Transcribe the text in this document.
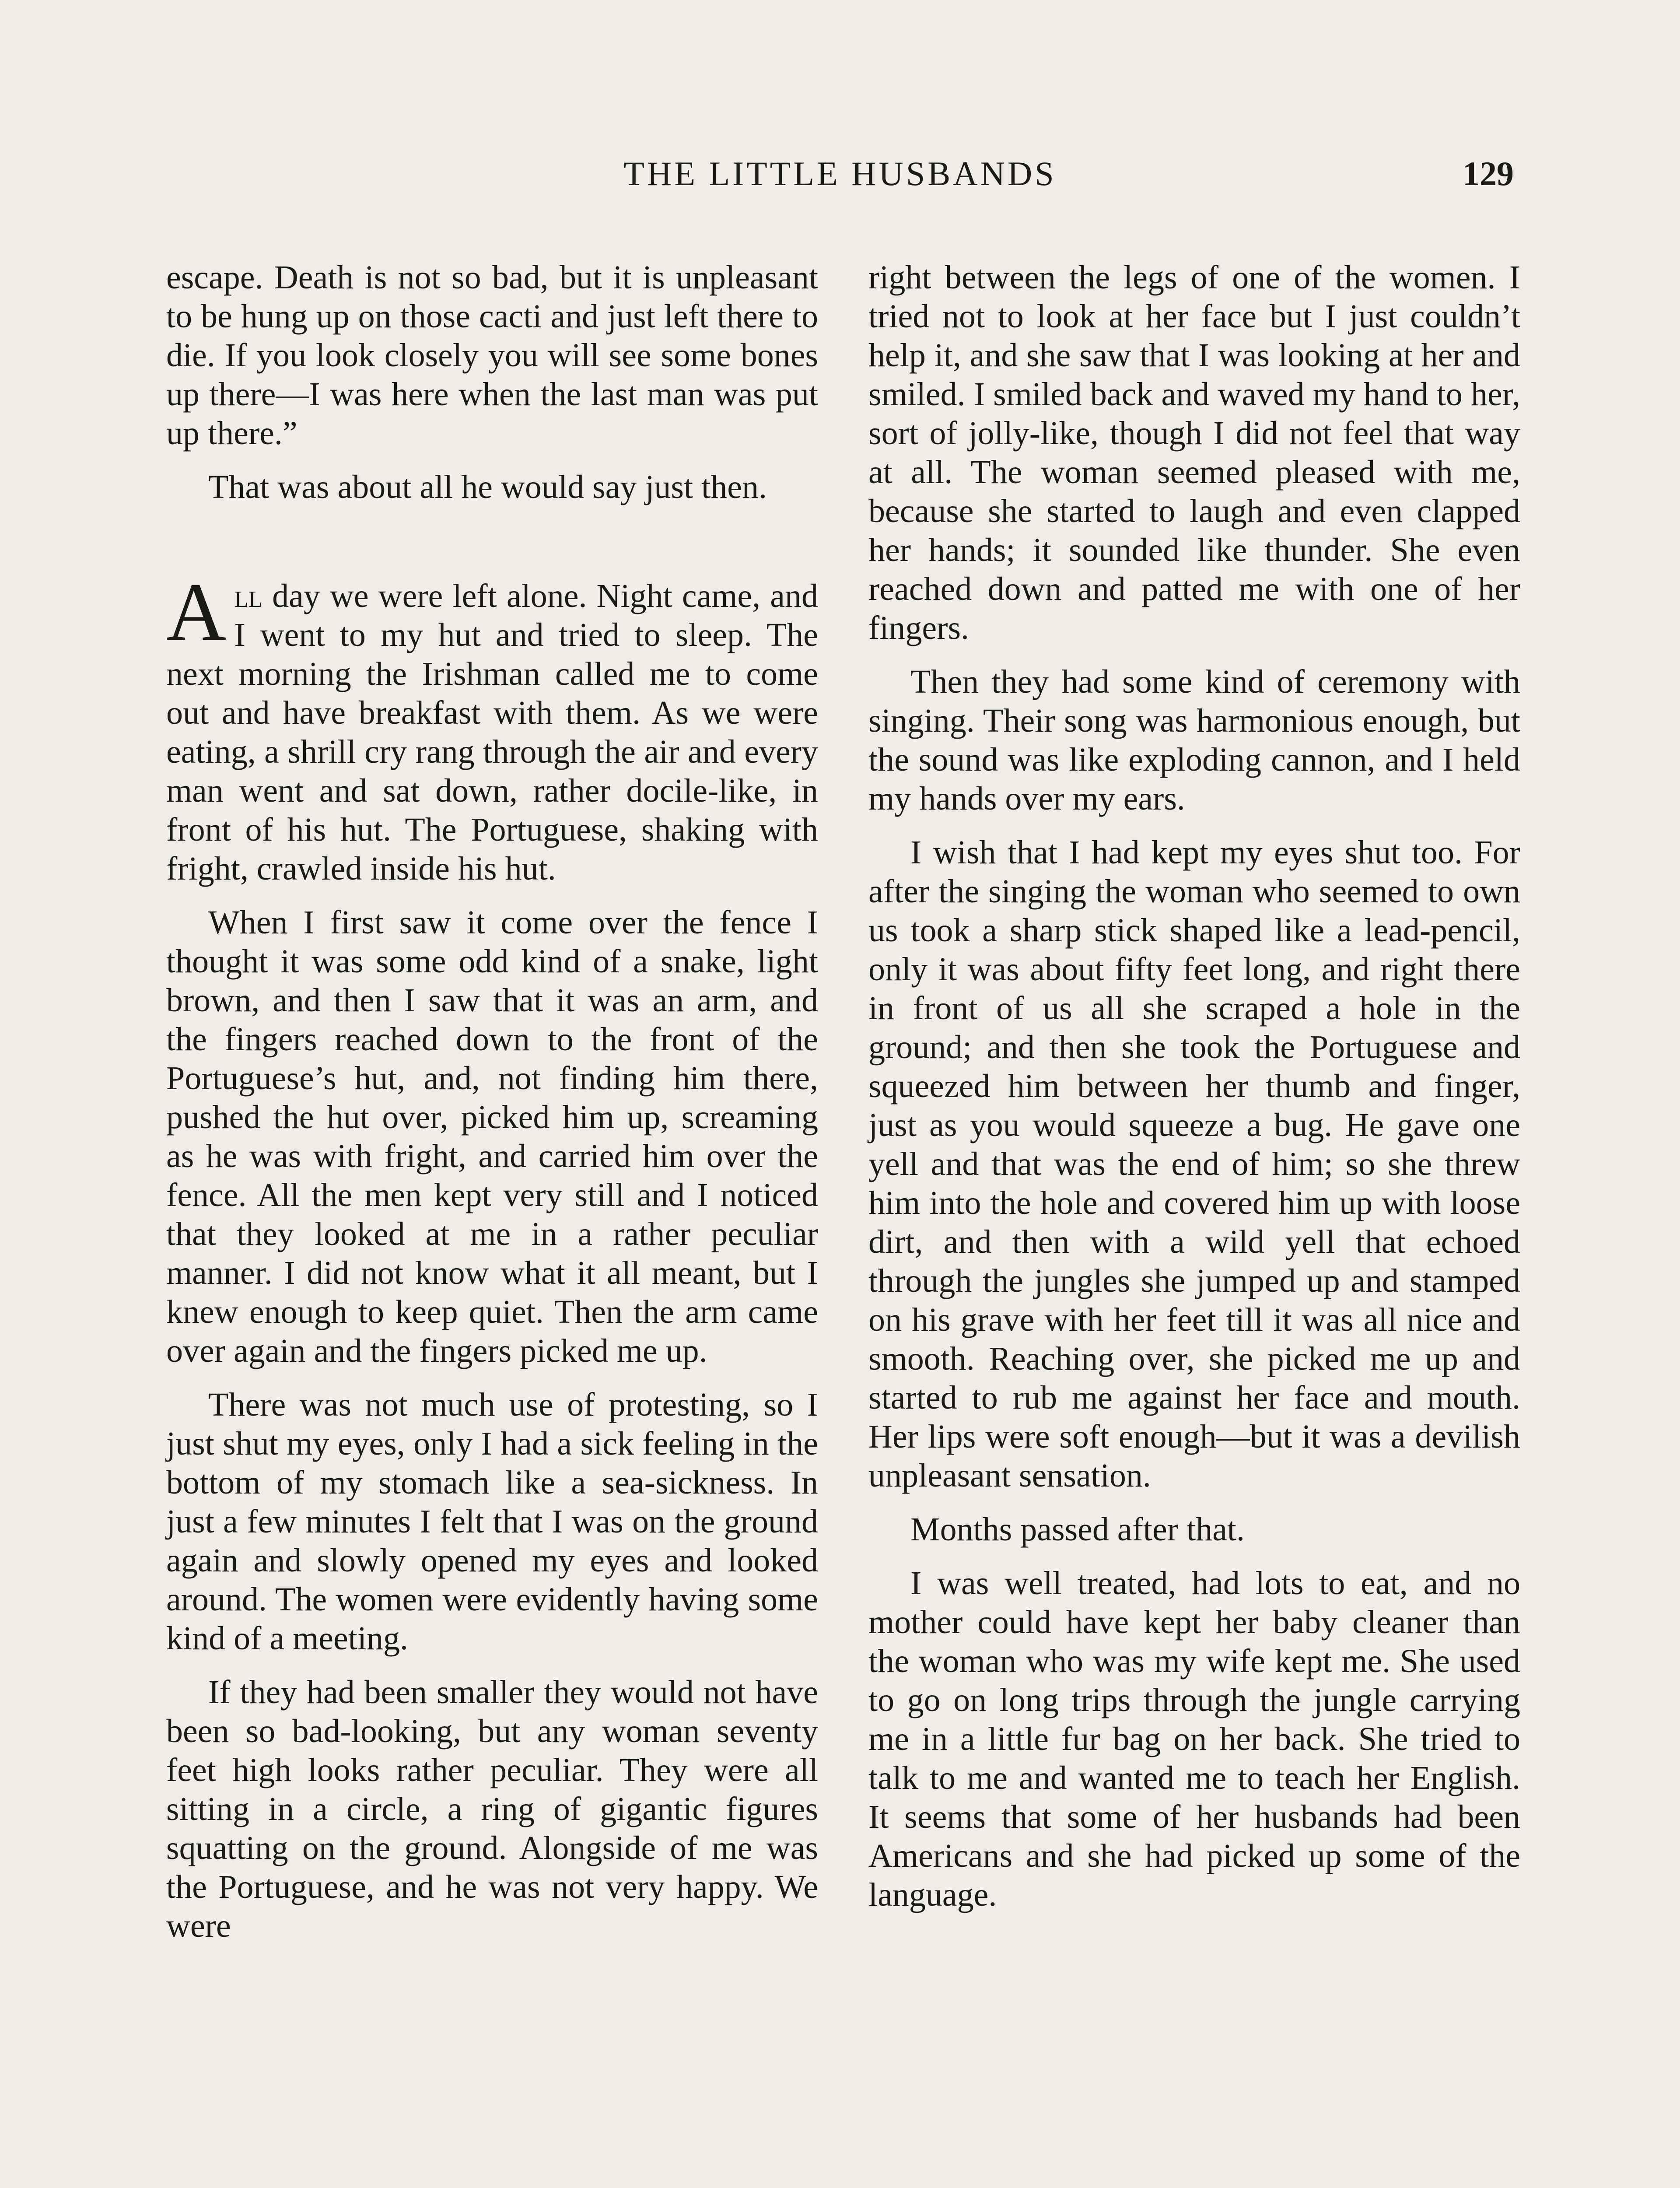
THE LITTLE HUSBANDS	129

escape. Death is not so bad, but it is unpleasant to be hung up on those cacti and just left there to die. If you look closely you will see some bones up there—I was here when the last man was put up there.”

That was about all he would say just then.

All day we were left alone. Night came, and I went to my hut and tried to sleep. The next morning the Irishman called me to come out and have breakfast with them. As we were eating, a shrill cry rang through the air and every man went and sat down, rather docile-like, in front of his hut. The Portuguese, shaking with fright, crawled inside his hut.

When I first saw it come over the fence I thought it was some odd kind of a snake, light brown, and then I saw that it was an arm, and the fingers reached down to the front of the Portuguese’s hut, and, not finding him there, pushed the hut over, picked him up, screaming as he was with fright, and carried him over the fence. All the men kept very still and I noticed that they looked at me in a rather peculiar manner. I did not know what it all meant, but I knew enough to keep quiet. Then the arm came over again and the fingers picked me up.

There was not much use of protesting, so I just shut my eyes, only I had a sick feeling in the bottom of my stomach like a sea-sickness. In just a few minutes I felt that I was on the ground again and slowly opened my eyes and looked around. The women were evidently having some kind of a meeting.

If they had been smaller they would not have been so bad-looking, but any woman seventy feet high looks rather peculiar. They were all sitting in a circle, a ring of gigantic figures squatting on the ground. Alongside of me was the Portuguese, and he was not very happy. We were

right between the legs of one of the women. I tried not to look at her face but I just couldn’t help it, and she saw that I was looking at her and smiled. I smiled back and waved my hand to her, sort of jolly-like, though I did not feel that way at all. The woman seemed pleased with me, because she started to laugh and even clapped her hands; it sounded like thunder. She even reached down and patted me with one of her fingers.

Then they had some kind of ceremony with singing. Their song was harmonious enough, but the sound was like exploding cannon, and I held my hands over my ears.

I wish that I had kept my eyes shut too. For after the singing the woman who seemed to own us took a sharp stick shaped like a lead-pencil, only it was about fifty feet long, and right there in front of us all she scraped a hole in the ground; and then she took the Portuguese and squeezed him between her thumb and finger, just as you would squeeze a bug. He gave one yell and that was the end of him; so she threw him into the hole and covered him up with loose dirt, and then with a wild yell that echoed through the jungles she jumped up and stamped on his grave with her feet till it was all nice and smooth. Reaching over, she picked me up and started to rub me against her face and mouth. Her lips were soft enough—but it was a devilish unpleasant sensation.

Months passed after that.

I was well treated, had lots to eat, and no mother could have kept her baby cleaner than the woman who was my wife kept me. She used to go on long trips through the jungle carrying me in a little fur bag on her back. She tried to talk to me and wanted me to teach her English. It seems that some of her husbands had been Americans and she had picked up some of the language.
